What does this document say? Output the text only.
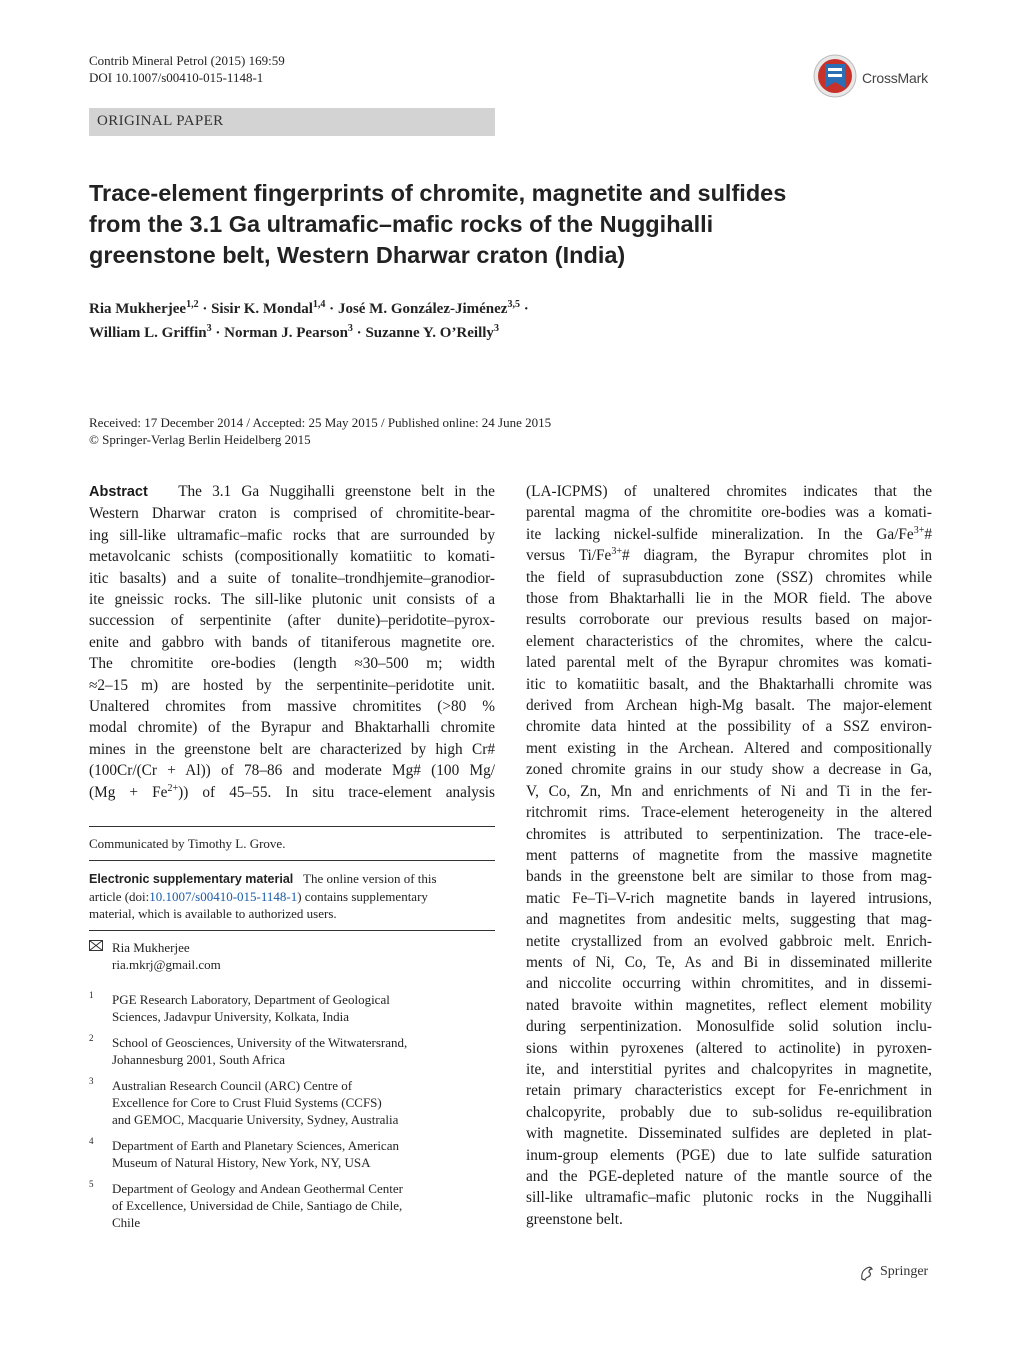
Contrib Mineral Petrol (2015) 169:59
DOI 10.1007/s00410-015-1148-1	CrossMark
ORIGINAL PAPER
Trace-element fingerprints of chromite, magnetite and sulfides
from the 3.1 Ga ultramafic–mafic rocks of the Nuggihalli
greenstone belt, Western Dharwar craton (India)
Ria Mukherjee$^{1,2}$ · Sisir K. Mondal$^{1,4}$ · José M. González-Jiménez$^{3,5}$ ·
William L. Griffin$^3$ · Norman J. Pearson$^3$ · Suzanne Y. O’Reilly$^3$
Received: 17 December 2014 / Accepted: 25 May 2015 / Published online: 24 June 2015
© Springer-Verlag Berlin Heidelberg 2015
Abstract The 3.1 Ga Nuggihalli greenstone belt in the
Western Dharwar craton is comprised of chromitite-bear-
ing sill-like ultramafic–mafic rocks that are surrounded by
metavolcanic schists (compositionally komatiitic to komati-
itic basalts) and a suite of tonalite–trondhjemite–granodior-
ite gneissic rocks. The sill-like plutonic unit consists of a
succession of serpentinite (after dunite)–peridotite–pyrox-
enite and gabbro with bands of titaniferous magnetite ore.
The chromitite ore-bodies (length ≈30–500 m; width
≈2–15 m) are hosted by the serpentinite–peridotite unit.
Unaltered chromites from massive chromitites (>80 %
modal chromite) of the Byrapur and Bhaktarhalli chromite
mines in the greenstone belt are characterized by high Cr#
(100Cr/(Cr + Al)) of 78–86 and moderate Mg# (100 Mg/
$(Mg + Fe^{2+})$) of 45–55. In situ trace-element analysis
Communicated by Timothy L. Grove.
Electronic supplementary material The online version of this
article (doi:10.1007/s00410-015-1148-1) contains supplementary
material, which is available to authorized users.
Ria Mukherjee
ria.mkrj@gmail.com
1 PGE Research Laboratory, Department of Geological
Sciences, Jadavpur University, Kolkata, India
2 School of Geosciences, University of the Witwatersrand,
Johannesburg 2001, South Africa
3 Australian Research Council (ARC) Centre of
Excellence for Core to Crust Fluid Systems (CCFS)
and GEMOC, Macquarie University, Sydney, Australia
4 Department of Earth and Planetary Sciences, American
Museum of Natural History, New York, NY, USA
5 Department of Geology and Andean Geothermal Center
of Excellence, Universidad de Chile, Santiago de Chile,
Chile
(LA-ICPMS) of unaltered chromites indicates that the
parental magma of the chromitite ore-bodies was a komati-
ite lacking nickel-sulfide mineralization. In the $Ga/Fe^{3+}\#$
versus $Ti/Fe^{3+}\#$ diagram, the Byrapur chromites plot in
the field of suprasubduction zone (SSZ) chromites while
those from Bhaktarhalli lie in the MOR field. The above
results corroborate our previous results based on major-
element characteristics of the chromites, where the calcu-
lated parental melt of the Byrapur chromites was komati-
itic to komatiitic basalt, and the Bhaktarhalli chromite was
derived from Archean high-Mg basalt. The major-element
chromite data hinted at the possibility of a SSZ environ-
ment existing in the Archean. Altered and compositionally
zoned chromite grains in our study show a decrease in Ga,
V, Co, Zn, Mn and enrichments of Ni and Ti in the fer-
ritchromit rims. Trace-element heterogeneity in the altered
chromites is attributed to serpentinization. The trace-ele-
ment patterns of magnetite from the massive magnetite
bands in the greenstone belt are similar to those from mag-
matic Fe–Ti–V-rich magnetite bands in layered intrusions,
and magnetites from andesitic melts, suggesting that mag-
netite crystallized from an evolved gabbroic melt. Enrich-
ments of Ni, Co, Te, As and Bi in disseminated millerite
and niccolite occurring within chromitites, and in dissemi-
nated bravoite within magnetites, reflect element mobility
during serpentinization. Monosulfide solid solution inclu-
sions within pyroxenes (altered to actinolite) in pyroxen-
ite, and interstitial pyrites and chalcopyrites in magnetite,
retain primary characteristics except for Fe-enrichment in
chalcopyrite, probably due to sub-solidus re-equilibration
with magnetite. Disseminated sulfides are depleted in plat-
inum-group elements (PGE) due to late sulfide saturation
and the PGE-depleted nature of the mantle source of the
sill-like ultramafic–mafic plutonic rocks in the Nuggihalli
greenstone belt.
Springer
